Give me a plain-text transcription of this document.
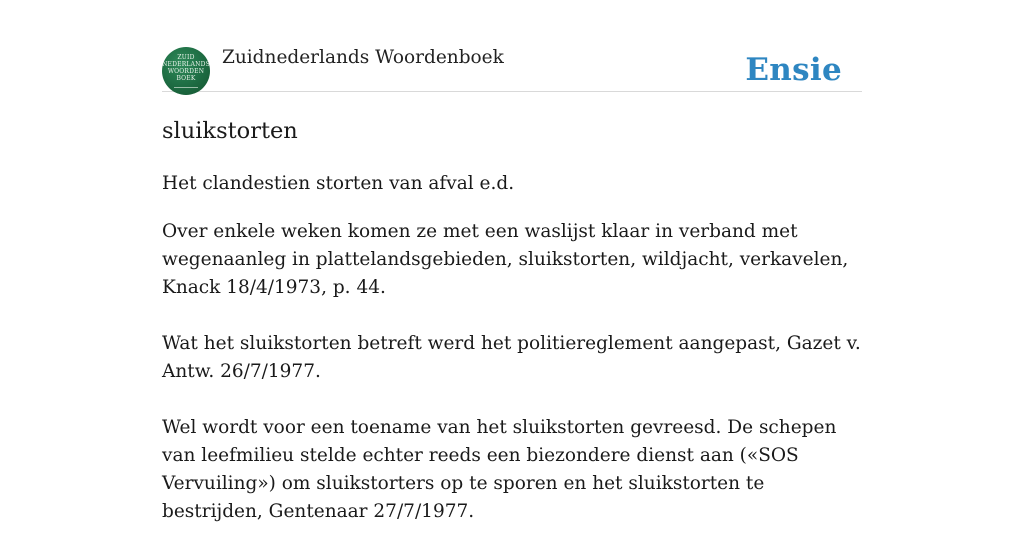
ZUID
NEDERLANDS
WOORDEN
BOEK
Zuidnederlands Woordenboek	Ensie
sluikstorten
Het clandestien storten van afval e.d.

Over enkele weken komen ze met een waslijst klaar in verband met wegenaanleg in plattelandsgebieden, sluikstorten, wildjacht, verkavelen, Knack 18/4/1973, p. 44.

Wat het sluikstorten betreft werd het politiereglement aangepast, Gazet v. Antw. 26/7/1977.

Wel wordt voor een toename van het sluikstorten gevreesd. De schepen van leefmilieu stelde echter reeds een biezondere dienst aan («SOS Vervuiling») om sluikstorters op te sporen en het sluikstorten te bestrijden, Gentenaar 27/7/1977.
